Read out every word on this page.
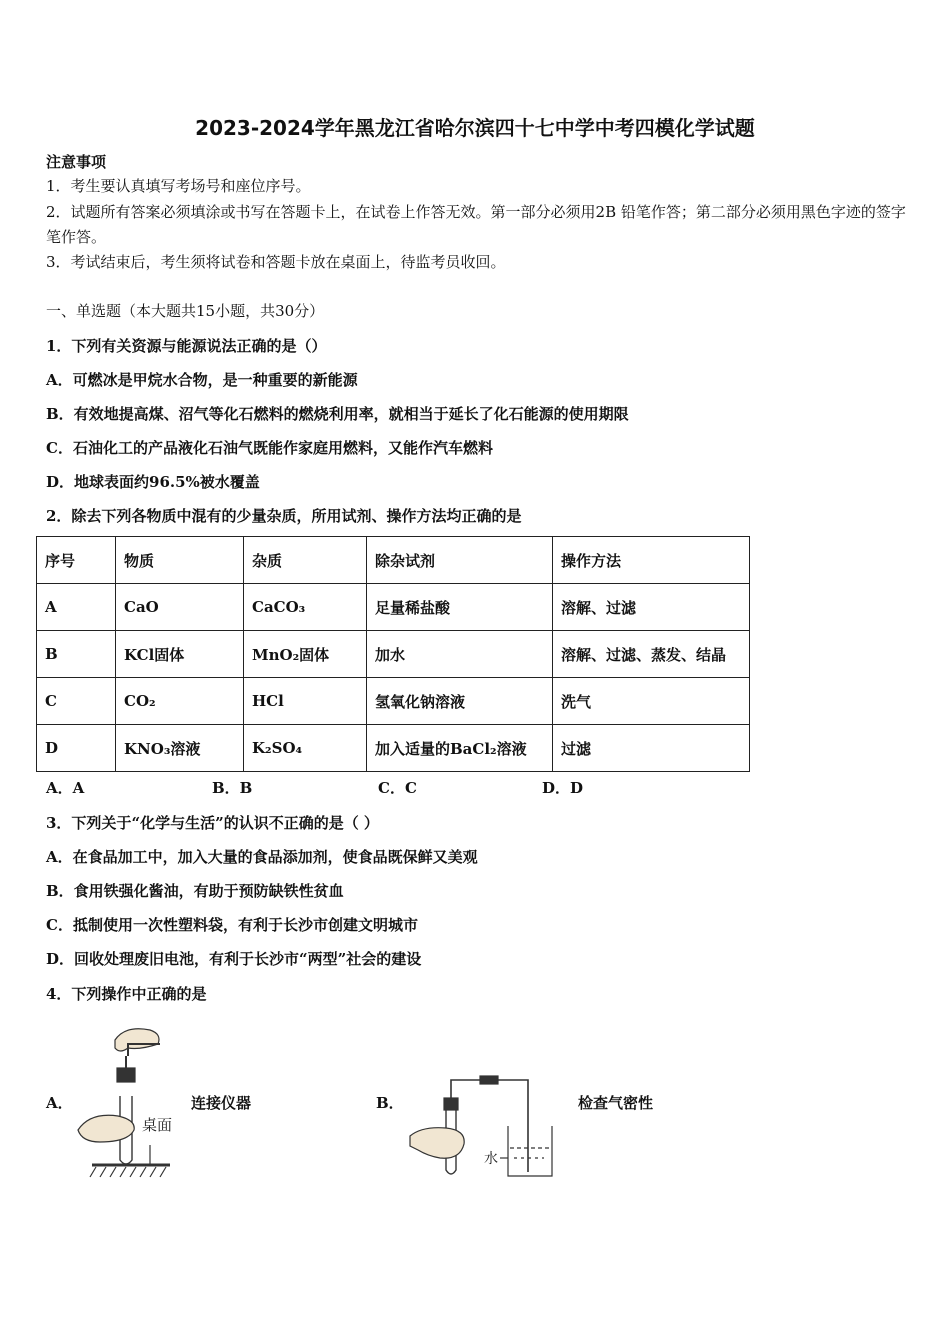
2023-2024学年黑龙江省哈尔滨四十七中学中考四模化学试题
注意事项
1．考生要认真填写考场号和座位序号。
2．试题所有答案必须填涂或书写在答题卡上，在试卷上作答无效。第一部分必须用2B 铅笔作答；第二部分必须用黑色字迹的签字笔作答。
3．考试结束后，考生须将试卷和答题卡放在桌面上，待监考员收回。
一、单选题（本大题共15小题，共30分）
1．下列有关资源与能源说法正确的是（）
A．可燃冰是甲烷水合物，是一种重要的新能源
B．有效地提高煤、沼气等化石燃料的燃烧利用率，就相当于延长了化石能源的使用期限
C．石油化工的产品液化石油气既能作家庭用燃料，又能作汽车燃料
D．地球表面约96.5%被水覆盖
2．除去下列各物质中混有的少量杂质，所用试剂、操作方法均正确的是
序号	物质	杂质	除杂试剂	操作方法
A	CaO	CaCO₃	足量稀盐酸	溶解、过滤
B	KCl固体	MnO₂固体	加水	溶解、过滤、蒸发、结晶
C	CO₂	HCl	氢氧化钠溶液	洗气
D	KNO₃溶液	K₂SO₄	加入适量的BaCl₂溶液	过滤
A．A	B．B	C．C	D．D
3．下列关于“化学与生活”的认识不正确的是（ ）
A．在食品加工中，加入大量的食品添加剂，使食品既保鲜又美观
B．食用铁强化酱油，有助于预防缺铁性贫血
C．抵制使用一次性塑料袋，有利于长沙市创建文明城市
D．回收处理废旧电池，有利于长沙市“两型”社会的建设
4．下列操作中正确的是
A．
桌面
连接仪器	B．
水
检查气密性
